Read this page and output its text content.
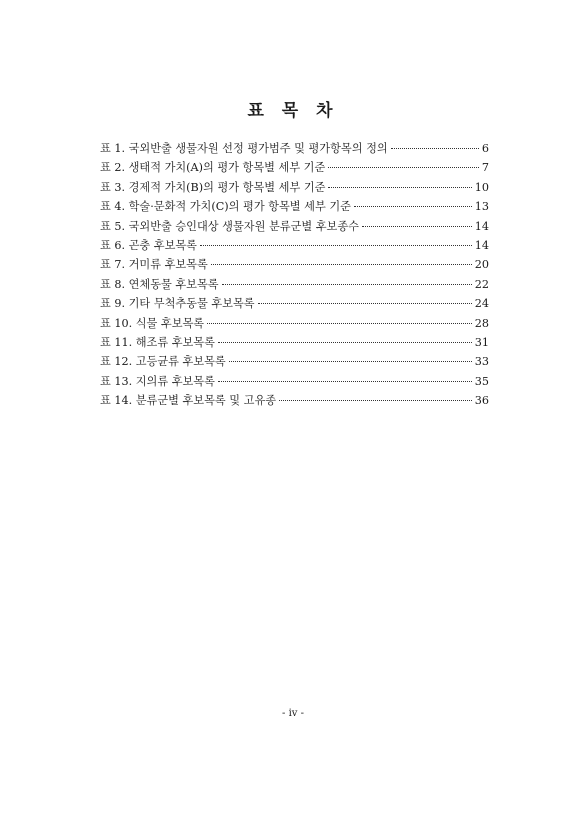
표 목 차
표 1. 국외반출 생물자원 선정 평가범주 및 평가항목의 정의	6
표 2. 생태적 가치(A)의 평가 항목별 세부 기준	7
표 3. 경제적 가치(B)의 평가 항목별 세부 기준	10
표 4. 학술·문화적 가치(C)의 평가 항목별 세부 기준	13
표 5. 국외반출 승인대상 생물자원 분류군별 후보종수	14
표 6. 곤충 후보목록	14
표 7. 거미류 후보목록	20
표 8. 연체동물 후보목록	22
표 9. 기타 무척추동물 후보목록	24
표 10. 식물 후보목록	28
표 11. 해조류 후보목록	31
표 12. 고등균류 후보목록	33
표 13. 지의류 후보목록	35
표 14. 분류군별 후보목록 및 고유종	36
- iv -
